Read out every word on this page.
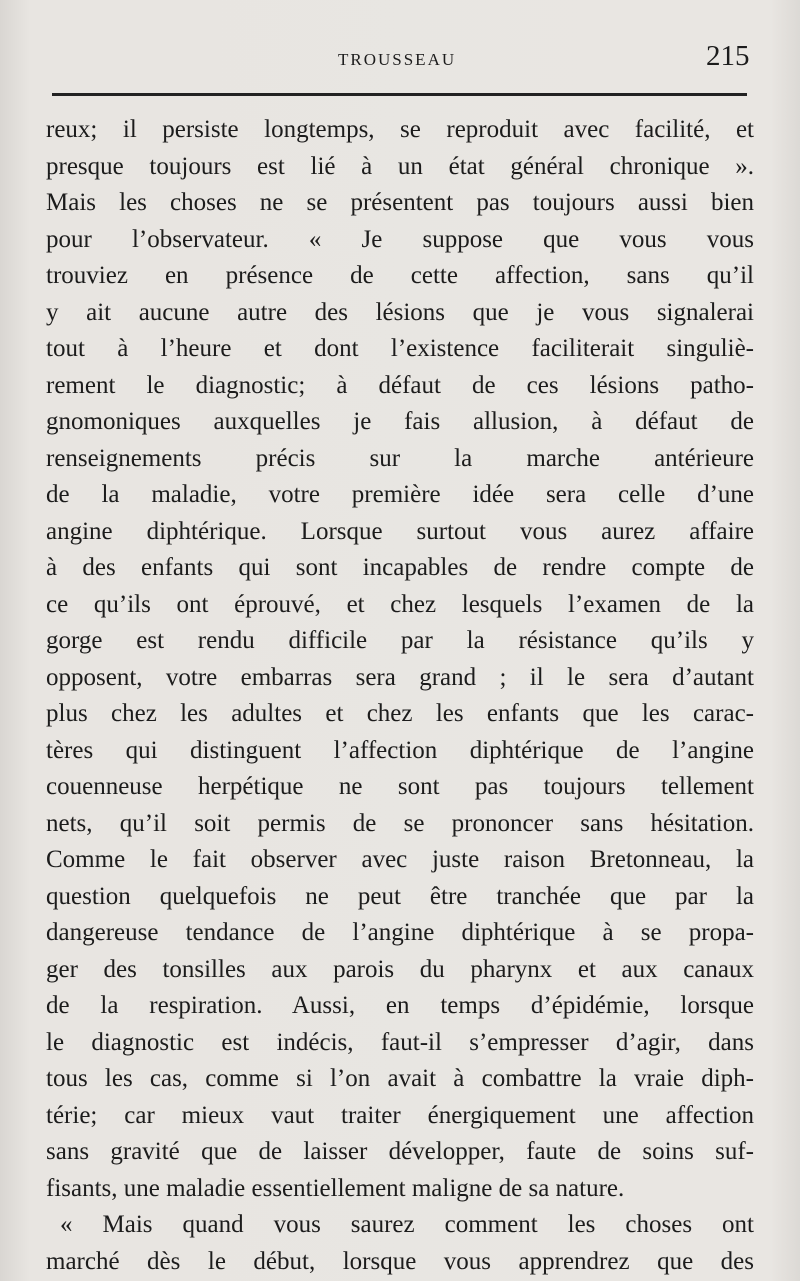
TROUSSEAU	215
reux; il persiste longtemps, se reproduit avec facilité, et
presque toujours est lié à un état général chronique ».
Mais les choses ne se présentent pas toujours aussi bien
pour l’observateur. « Je suppose que vous vous
trouviez en présence de cette affection, sans qu’il
y ait aucune autre des lésions que je vous signalerai
tout à l’heure et dont l’existence faciliterait singuliè-
rement le diagnostic; à défaut de ces lésions patho-
gnomoniques auxquelles je fais allusion, à défaut de
renseignements précis sur la marche antérieure
de la maladie, votre première idée sera celle d’une
angine diphtérique. Lorsque surtout vous aurez affaire
à des enfants qui sont incapables de rendre compte de
ce qu’ils ont éprouvé, et chez lesquels l’examen de la
gorge est rendu difficile par la résistance qu’ils y
opposent, votre embarras sera grand ; il le sera d’autant
plus chez les adultes et chez les enfants que les carac-
tères qui distinguent l’affection diphtérique de l’angine
couenneuse herpétique ne sont pas toujours tellement
nets, qu’il soit permis de se prononcer sans hésitation.
Comme le fait observer avec juste raison Bretonneau, la
question quelquefois ne peut être tranchée que par la
dangereuse tendance de l’angine diphtérique à se propa-
ger des tonsilles aux parois du pharynx et aux canaux
de la respiration. Aussi, en temps d’épidémie, lorsque
le diagnostic est indécis, faut-il s’empresser d’agir, dans
tous les cas, comme si l’on avait à combattre la vraie diph-
térie; car mieux vaut traiter énergiquement une affection
sans gravité que de laisser développer, faute de soins suf-
fisants, une maladie essentiellement maligne de sa nature.
« Mais quand vous saurez comment les choses ont
marché dès le début, lorsque vous apprendrez que des
